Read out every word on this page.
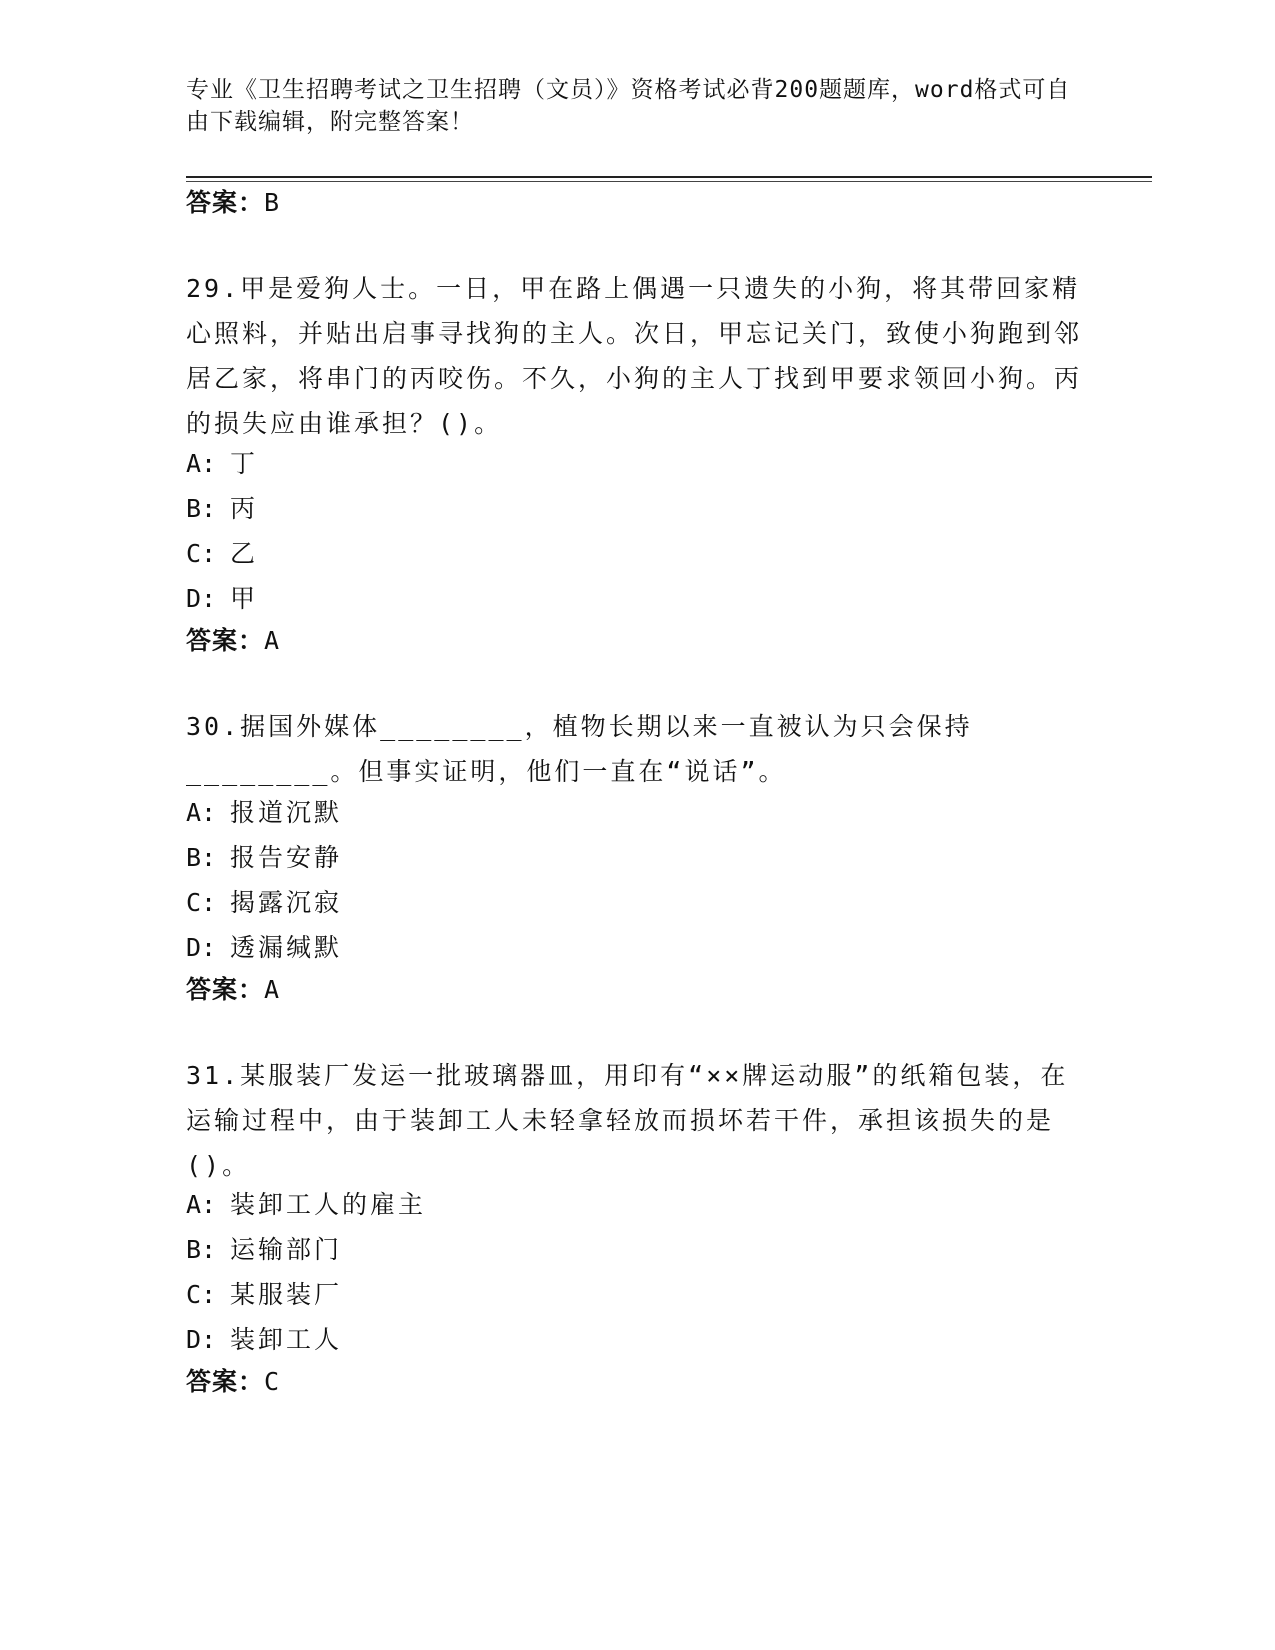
专业《卫生招聘考试之卫生招聘（文员）》资格考试必背200题题库，word格式可自由下载编辑，附完整答案！
答案：B
29.甲是爱狗人士。一日，甲在路上偶遇一只遗失的小狗，将其带回家精心照料，并贴出启事寻找狗的主人。次日，甲忘记关门，致使小狗跑到邻居乙家，将串门的丙咬伤。不久，小狗的主人丁找到甲要求领回小狗。丙的损失应由谁承担？()。
A: 丁
B: 丙
C: 乙
D: 甲
答案：A
30.据国外媒体________，植物长期以来一直被认为只会保持________。但事实证明，他们一直在“说话”。
A: 报道沉默
B: 报告安静
C: 揭露沉寂
D: 透漏缄默
答案：A
31.某服装厂发运一批玻璃器皿，用印有“××牌运动服”的纸箱包装，在运输过程中，由于装卸工人未轻拿轻放而损坏若干件，承担该损失的是()。
A: 装卸工人的雇主
B: 运输部门
C: 某服装厂
D: 装卸工人
答案：C
